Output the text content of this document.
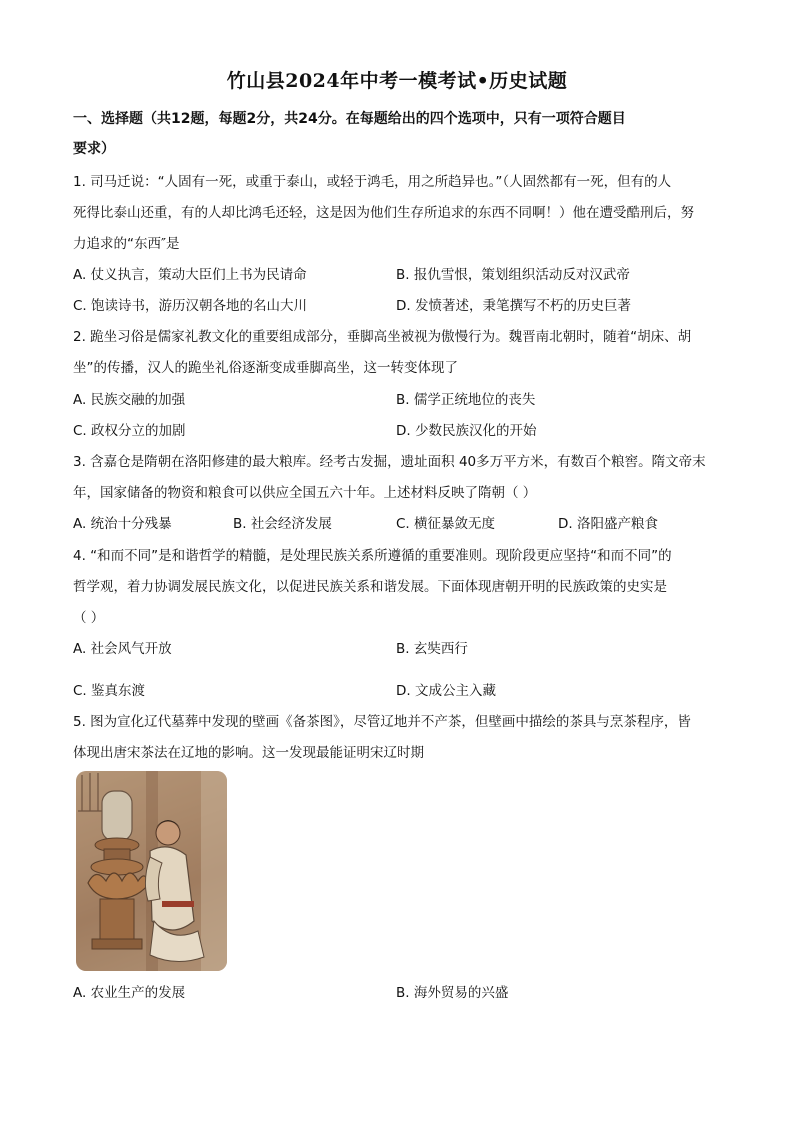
竹山县2024年中考一模考试•历史试题
一、选择题（共12题，每题2分，共24分。在每题给出的四个选项中，只有一项符合题目
要求）
1. 司马迁说：“人固有一死，或重于泰山，或轻于鸿毛，用之所趋异也。”（人固然都有一死，但有的人
死得比泰山还重，有的人却比鸿毛还轻，这是因为他们生存所追求的东西不同啊！）他在遭受酷刑后，努
力追求的“东西″是
A. 仗义执言，策动大臣们上书为民请命	B. 报仇雪恨，策划组织活动反对汉武帝
C. 饱读诗书，游历汉朝各地的名山大川	D. 发愤著述，秉笔撰写不朽的历史巨著
2. 跪坐习俗是儒家礼教文化的重要组成部分，垂脚高坐被视为傲慢行为。魏晋南北朝时，随着“胡床、胡
坐”的传播，汉人的跪坐礼俗逐渐变成垂脚高坐，这一转变体现了
A. 民族交融的加强	B. 儒学正统地位的丧失
C. 政权分立的加剧	D. 少数民族汉化的开始
3. 含嘉仓是隋朝在洛阳修建的最大粮库。经考古发掘，遗址面积 40多万平方米，有数百个粮窖。隋文帝末
年，国家储备的物资和粮食可以供应全国五六十年。上述材料反映了隋朝（ ）
A. 统治十分残暴	B. 社会经济发展	C. 横征暴敛无度	D. 洛阳盛产粮食
4. “和而不同”是和谐哲学的精髓，是处理民族关系所遵循的重要准则。现阶段更应坚持“和而不同”的
哲学观，着力协调发展民族文化，以促进民族关系和谐发展。下面体现唐朝开明的民族政策的史实是
（ ）
A. 社会风气开放	B. 玄奘西行
C. 鉴真东渡	D. 文成公主入藏
5. 图为宣化辽代墓葬中发现的壁画《备茶图》，尽管辽地并不产茶，但壁画中描绘的茶具与烹茶程序，皆
体现出唐宋茶法在辽地的影响。这一发现最能证明宋辽时期
A. 农业生产的发展	B. 海外贸易的兴盛
